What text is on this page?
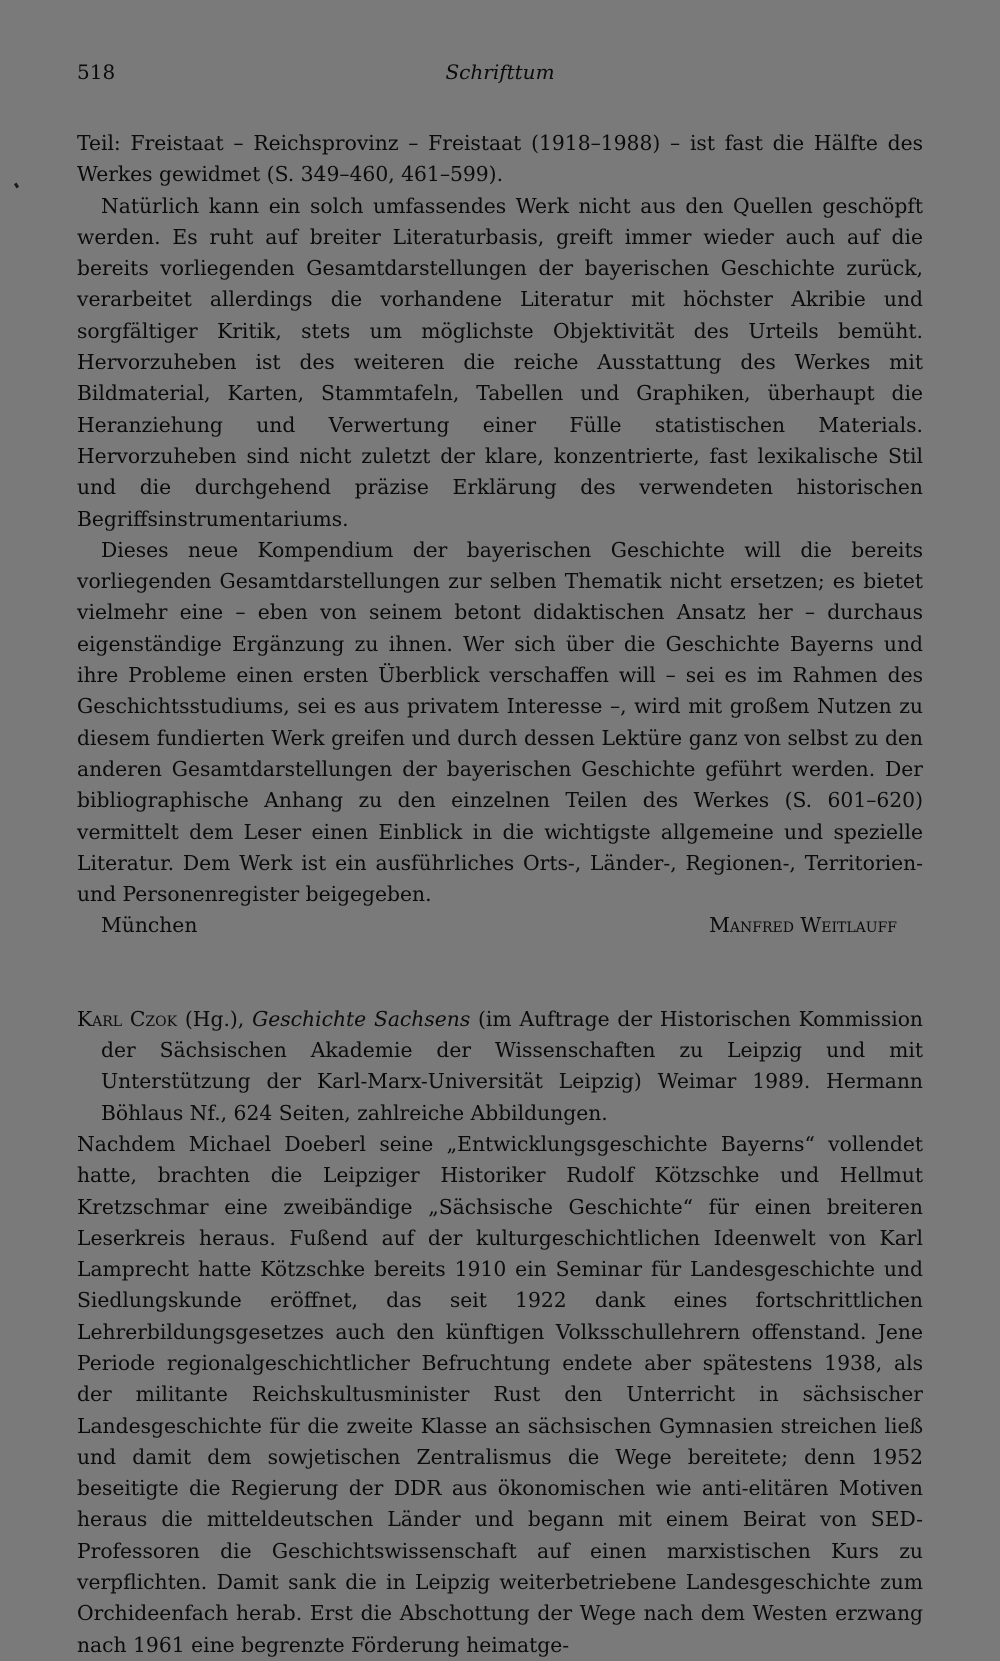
518	Schrifttum

Teil: Freistaat – Reichsprovinz – Freistaat (1918–1988) – ist fast die Hälfte des Werkes gewidmet (S. 349–460, 461–599).

Natürlich kann ein solch umfassendes Werk nicht aus den Quellen geschöpft werden. Es ruht auf breiter Literaturbasis, greift immer wieder auch auf die bereits vorliegenden Gesamtdarstellungen der bayerischen Geschichte zurück, verarbeitet allerdings die vorhandene Literatur mit höchster Akribie und sorgfältiger Kritik, stets um möglichste Objektivität des Urteils bemüht. Hervorzuheben ist des weiteren die reiche Ausstattung des Werkes mit Bildmaterial, Karten, Stammtafeln, Tabellen und Graphiken, überhaupt die Heranziehung und Verwertung einer Fülle statistischen Materials. Hervorzuheben sind nicht zuletzt der klare, konzentrierte, fast lexikalische Stil und die durchgehend präzise Erklärung des verwendeten historischen Begriffsinstrumentariums.

Dieses neue Kompendium der bayerischen Geschichte will die bereits vorliegenden Gesamtdarstellungen zur selben Thematik nicht ersetzen; es bietet vielmehr eine – eben von seinem betont didaktischen Ansatz her – durchaus eigenständige Ergänzung zu ihnen. Wer sich über die Geschichte Bayerns und ihre Probleme einen ersten Überblick verschaffen will – sei es im Rahmen des Geschichtsstudiums, sei es aus privatem Interesse –, wird mit großem Nutzen zu diesem fundierten Werk greifen und durch dessen Lektüre ganz von selbst zu den anderen Gesamtdarstellungen der bayerischen Geschichte geführt werden. Der bibliographische Anhang zu den einzelnen Teilen des Werkes (S. 601–620) vermittelt dem Leser einen Einblick in die wichtigste allgemeine und spezielle Literatur. Dem Werk ist ein ausführliches Orts-, Länder-, Regionen-, Territorien- und Personenregister beigegeben.

München	Manfred Weitlauff

Karl Czok (Hg.), Geschichte Sachsens (im Auftrage der Historischen Kommission der Sächsischen Akademie der Wissenschaften zu Leipzig und mit Unterstützung der Karl-Marx-Universität Leipzig) Weimar 1989. Hermann Böhlaus Nf., 624 Seiten, zahlreiche Abbildungen.

Nachdem Michael Doeberl seine „Entwicklungsgeschichte Bayerns“ vollendet hatte, brachten die Leipziger Historiker Rudolf Kötzschke und Hellmut Kretzschmar eine zweibändige „Sächsische Geschichte“ für einen breiteren Leserkreis heraus. Fußend auf der kulturgeschichtlichen Ideenwelt von Karl Lamprecht hatte Kötzschke bereits 1910 ein Seminar für Landesgeschichte und Siedlungskunde eröffnet, das seit 1922 dank eines fortschrittlichen Lehrerbildungsgesetzes auch den künftigen Volksschullehrern offenstand. Jene Periode regionalgeschichtlicher Befruchtung endete aber spätestens 1938, als der militante Reichskultusminister Rust den Unterricht in sächsischer Landesgeschichte für die zweite Klasse an sächsischen Gymnasien streichen ließ und damit dem sowjetischen Zentralismus die Wege bereitete; denn 1952 beseitigte die Regierung der DDR aus ökonomischen wie anti-elitären Motiven heraus die mitteldeutschen Länder und begann mit einem Beirat von SED-Professoren die Geschichtswissenschaft auf einen marxistischen Kurs zu verpflichten. Damit sank die in Leipzig weiterbetriebene Landesgeschichte zum Orchideenfach herab. Erst die Abschottung der Wege nach dem Westen erzwang nach 1961 eine begrenzte Förderung heimatge-
